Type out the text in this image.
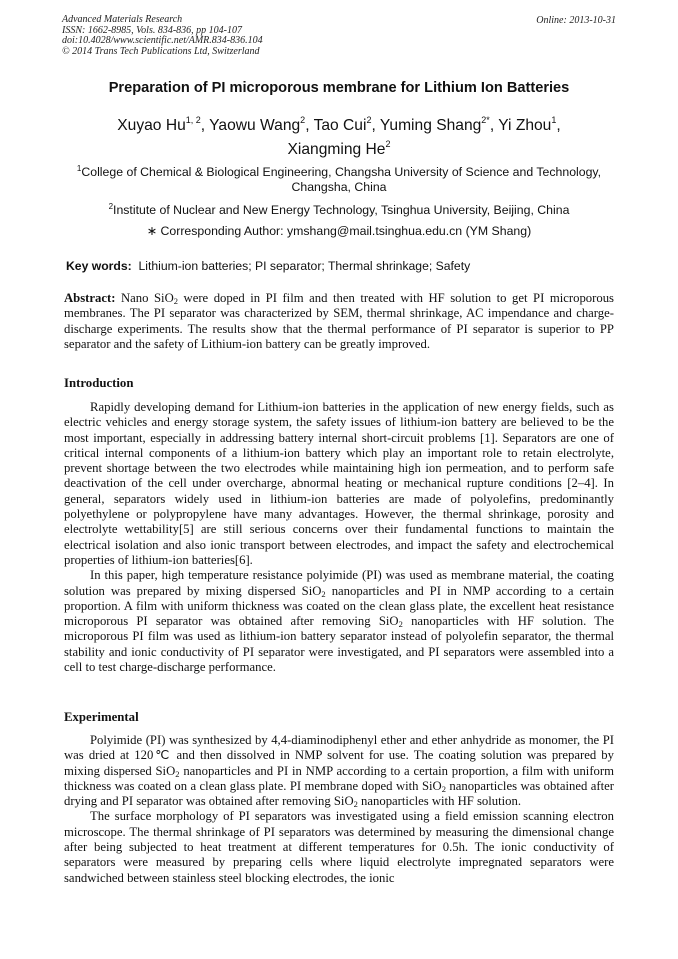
Advanced Materials Research
ISSN: 1662-8985, Vols. 834-836, pp 104-107
doi:10.4028/www.scientific.net/AMR.834-836.104
© 2014 Trans Tech Publications Ltd, Switzerland
Online: 2013-10-31
Preparation of PI microporous membrane for Lithium Ion Batteries
Xuyao Hu$^{1, 2}$, Yaowu Wang$^2$, Tao Cui$^2$, Yuming Shang$^{2*}$, Yi Zhou$^1$,
Xiangming He$^2$
$^1$College of Chemical & Biological Engineering, Changsha University of Science and Technology,
Changsha, China
$^2$Institute of Nuclear and New Energy Technology, Tsinghua University, Beijing, China
∗ Corresponding Author: ymshang@mail.tsinghua.edu.cn (YM Shang)
Key words: Lithium-ion batteries; PI separator; Thermal shrinkage; Safety

Abstract: Nano SiO$_2$ were doped in PI film and then treated with HF solution to get PI microporous membranes. The PI separator was characterized by SEM, thermal shrinkage, AC impendance and charge-discharge experiments. The results show that the thermal performance of PI separator is superior to PP separator and the safety of Lithium-ion battery can be greatly improved.

Introduction

Rapidly developing demand for Lithium-ion batteries in the application of new energy fields, such as electric vehicles and energy storage system, the safety issues of lithium-ion battery are believed to be the most important, especially in addressing battery internal short-circuit problems [1]. Separators are one of critical internal components of a lithium-ion battery which play an important role to retain electrolyte, prevent shortage between the two electrodes while maintaining high ion permeation, and to perform safe deactivation of the cell under overcharge, abnormal heating or mechanical rupture conditions [2–4]. In general, separators widely used in lithium-ion batteries are made of polyolefins, predominantly polyethylene or polypropylene have many advantages. However, the thermal shrinkage, porosity and electrolyte wettability[5] are still serious concerns over their fundamental functions to maintain the electrical isolation and also ionic transport between electrodes, and impact the safety and electrochemical properties of lithium-ion batteries[6].

In this paper, high temperature resistance polyimide (PI) was used as membrane material, the coating solution was prepared by mixing dispersed SiO$_2$ nanoparticles and PI in NMP according to a certain proportion. A film with uniform thickness was coated on the clean glass plate, the excellent heat resistance microporous PI separator was obtained after removing SiO$_2$ nanoparticles with HF solution. The microporous PI film was used as lithium-ion battery separator instead of polyolefin separator, the thermal stability and ionic conductivity of PI separator were investigated, and PI separators were assembled into a cell to test charge-discharge performance.

Experimental

Polyimide (PI) was synthesized by 4,4-diaminodiphenyl ether and ether anhydride as monomer, the PI was dried at 120℃ and then dissolved in NMP solvent for use. The coating solution was prepared by mixing dispersed SiO$_2$ nanoparticles and PI in NMP according to a certain proportion, a film with uniform thickness was coated on a clean glass plate. PI membrane doped with SiO$_2$ nanoparticles was obtained after drying and PI separator was obtained after removing SiO$_2$ nanoparticles with HF solution.

The surface morphology of PI separators was investigated using a field emission scanning electron microscope. The thermal shrinkage of PI separators was determined by measuring the dimensional change after being subjected to heat treatment at different temperatures for 0.5h. The ionic conductivity of separators were measured by preparing cells where liquid electrolyte impregnated separators were sandwiched between stainless steel blocking electrodes, the ionic
